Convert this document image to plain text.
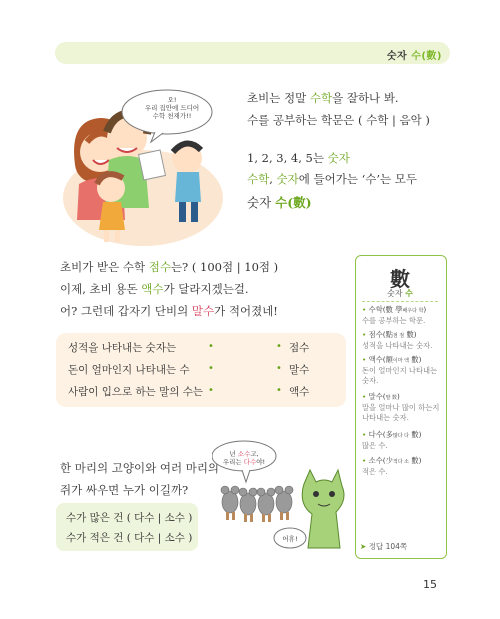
숫자 수(數)
오!
우리 집안에 드디어
수학 천재가!!
초비는 정말 수학을 잘하나 봐.
수를 공부하는 학문은 ( 수학 | 음악 )
1, 2, 3, 4, 5는 숫자
수학, 숫자에 들어가는 ‘수’는 모두
숫자 수(數)
초비가 받은 수학 점수는? ( 100점 | 10점 )
이제, 초비 용돈 액수가 달라지겠는걸.
어? 그런데 갑자기 단비의 말수가 적어졌네!
성적을 나타내는 숫자는	•	• 점수
돈이 얼마인지 나타내는 수 •	• 말수
사람이 입으로 하는 말의 수는 •	• 액수
한 마리의 고양이와 여러 마리의
쥐가 싸우면 누가 이길까?
수가 많은 건 ( 다수 | 소수 )
수가 적은 건 ( 다수 | 소수 )
넌 소수고,
우리는 다수야!
어휴!
數
숫자 수
• 수학(數 學배우다 학)
수를 공부하는 학문.
• 점수(點점 점 數)
성적을 나타내는 숫자.
• 액수(額이마 액 數)
돈이 얼마인지 나타내는
숫자.
• 말수(말 数)
말을 얼마나 많이 하는지
나타내는 숫자.
• 다수(多많다 다 數)
많은 수.
• 소수(少적다 소 數)
적은 수.
➤ 정답 104쪽
15
